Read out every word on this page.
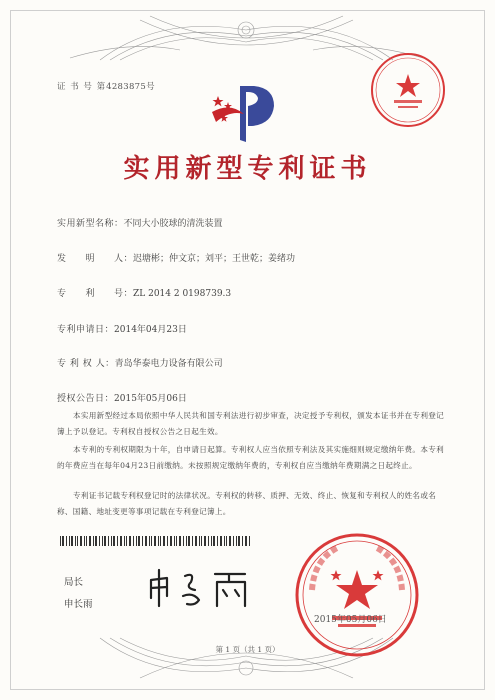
证 书 号 第4283875号
实用新型专利证书
实用新型名称：不同大小胶球的清洗装置
发　　明　　人：迟塘彬；仲文京；刘平；王世乾；姜绪功
专　　利　　号：ZL 2014 2 0198739.3
专利申请日：2014年04月23日
专 利 权 人：青岛华泰电力设备有限公司
授权公告日：2015年05月06日
本实用新型经过本局依照中华人民共和国专利法进行初步审查，决定授予专利权，颁发本证书并在专利登记簿上予以登记。专利权自授权公告之日起生效。
本专利的专利权期限为十年，自申请日起算。专利权人应当依照专利法及其实施细则规定缴纳年费。本专利的年费应当在每年04月23日前缴纳。未按照规定缴纳年费的，专利权自应当缴纳年费期满之日起终止。
专利证书记载专利权登记时的法律状况。专利权的转移、质押、无效、终止、恢复和专利权人的姓名或名称、国籍、地址变更等事项记载在专利登记簿上。
局长
申长雨
2015年05月06日
第 1 页（共 1 页）
